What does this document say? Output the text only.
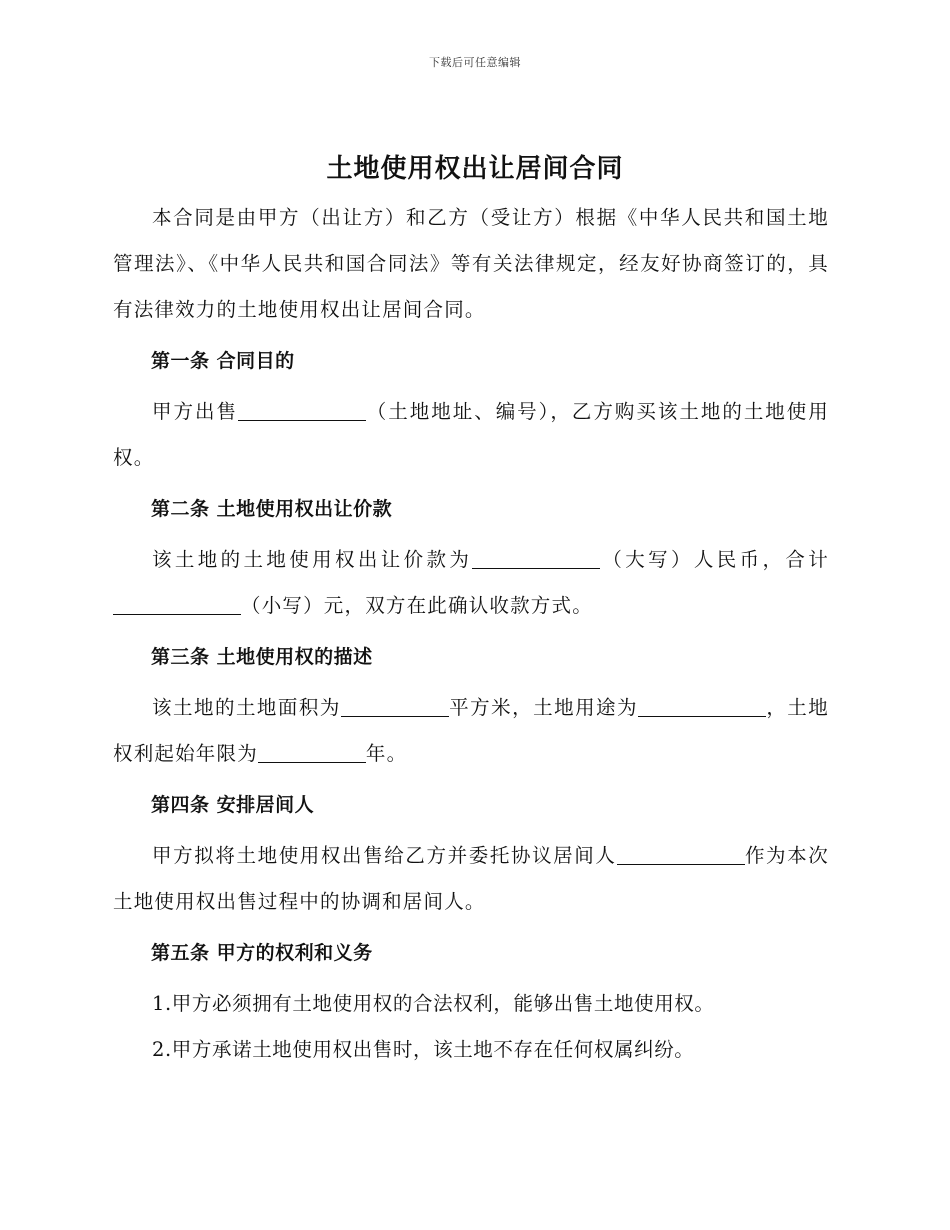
下载后可任意编辑
土地使用权出让居间合同

本合同是由甲方（出让方）和乙方（受让方）根据《中华人民共和国土地管理法》、《中华人民共和国合同法》等有关法律规定，经友好协商签订的，具有法律效力的土地使用权出让居间合同。

第一条 合同目的

甲方出售	（土地地址、编号），乙方购买该土地的土地使用权。

第二条 土地使用权出让价款

该土地的土地使用权出让价款为	（大写）人民币，合计（小写）元，双方在此确认收款方式。

第三条 土地使用权的描述

该土地的土地面积为	平方米，土地用途为	，土地权利起始年限为	年。

第四条 安排居间人

甲方拟将土地使用权出售给乙方并委托协议居间人	作为本次土地使用权出售过程中的协调和居间人。

第五条 甲方的权利和义务

1.甲方必须拥有土地使用权的合法权利，能够出售土地使用权。

2.甲方承诺土地使用权出售时，该土地不存在任何权属纠纷。
